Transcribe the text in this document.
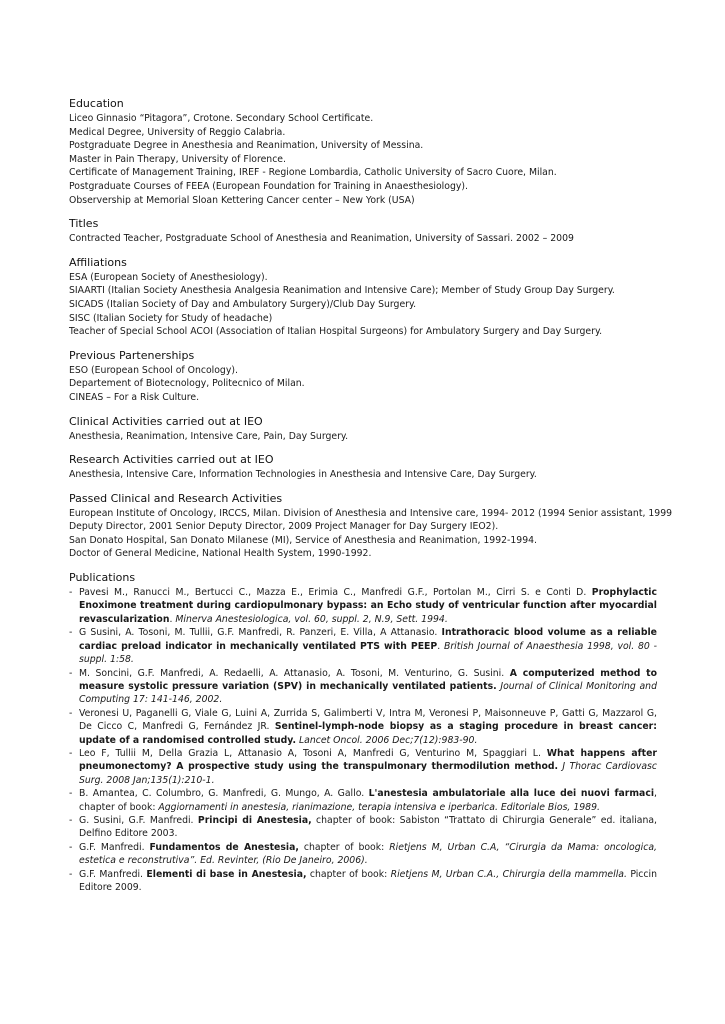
Education
Liceo Ginnasio “Pitagora”, Crotone. Secondary School Certificate.
Medical Degree, University of Reggio Calabria.
Postgraduate Degree in Anesthesia and Reanimation, University of Messina.
Master in Pain Therapy, University of Florence.
Certificate of Management Training, IREF - Regione Lombardia, Catholic University of Sacro Cuore, Milan.
Postgraduate Courses of FEEA (European Foundation for Training in Anaesthesiology).
Observership at Memorial Sloan Kettering Cancer center – New York (USA)
Titles
Contracted Teacher, Postgraduate School of Anesthesia and Reanimation, University of Sassari. 2002 – 2009
Affiliations
ESA (European Society of Anesthesiology).
SIAARTI (Italian Society Anesthesia Analgesia Reanimation and Intensive Care); Member of Study Group Day Surgery.
SICADS (Italian Society of Day and Ambulatory Surgery)/Club Day Surgery.
SISC (Italian Society for Study of headache)
Teacher of Special School ACOI (Association of Italian Hospital Surgeons) for Ambulatory Surgery and Day Surgery.
Previous Partenerships
ESO (European School of Oncology).
Departement of Biotecnology, Politecnico of Milan.
CINEAS – For a Risk Culture.
Clinical Activities carried out at IEO
Anesthesia, Reanimation, Intensive Care, Pain, Day Surgery.
Research Activities carried out at IEO
Anesthesia, Intensive Care, Information Technologies in Anesthesia and Intensive Care, Day Surgery.
Passed Clinical and Research Activities
European Institute of Oncology, IRCCS, Milan. Division of Anesthesia and Intensive care, 1994- 2012 (1994 Senior assistant, 1999
Deputy Director, 2001 Senior Deputy Director, 2009 Project Manager for Day Surgery IEO2).
San Donato Hospital, San Donato Milanese (MI), Service of Anesthesia and Reanimation, 1992-1994.
Doctor of General Medicine, National Health System, 1990-1992.
Publications
- Pavesi M., Ranucci M., Bertucci C., Mazza E., Erimia C., Manfredi G.F., Portolan M., Cirri S. e Conti D. Prophylactic Enoximone treatment during cardiopulmonary bypass: an Echo study of ventricular function after myocardial revascularization. Minerva Anestesiologica, vol. 60, suppl. 2, N.9, Sett. 1994.
- G Susini, A. Tosoni, M. Tullii, G.F. Manfredi, R. Panzeri, E. Villa, A Attanasio. Intrathoracic blood volume as a reliable cardiac preload indicator in mechanically ventilated PTS with PEEP. British Journal of Anaesthesia 1998, vol. 80 - suppl. 1:58.
- M. Soncini, G.F. Manfredi, A. Redaelli, A. Attanasio, A. Tosoni, M. Venturino, G. Susini. A computerized method to measure systolic pressure variation (SPV) in mechanically ventilated patients. Journal of Clinical Monitoring and Computing 17: 141-146, 2002.
- Veronesi U, Paganelli G, Viale G, Luini A, Zurrida S, Galimberti V, Intra M, Veronesi P, Maisonneuve P, Gatti G, Mazzarol G, De Cicco C, Manfredi G, Fernández JR. Sentinel-lymph-node biopsy as a staging procedure in breast cancer: update of a randomised controlled study. Lancet Oncol. 2006 Dec;7(12):983-90.
- Leo F, Tullii M, Della Grazia L, Attanasio A, Tosoni A, Manfredi G, Venturino M, Spaggiari L. What happens after pneumonectomy? A prospective study using the transpulmonary thermodilution method. J Thorac Cardiovasc Surg. 2008 Jan;135(1):210-1.
- B. Amantea, C. Columbro, G. Manfredi, G. Mungo, A. Gallo. L'anestesia ambulatoriale alla luce dei nuovi farmaci, chapter of book: Aggiornamenti in anestesia, rianimazione, terapia intensiva e iperbarica. Editoriale Bios, 1989.
- G. Susini, G.F. Manfredi. Principi di Anestesia, chapter of book: Sabiston “Trattato di Chirurgia Generale” ed. italiana, Delfino Editore 2003.
- G.F. Manfredi. Fundamentos de Anestesia, chapter of book: Rietjens M, Urban C.A, “Cirurgia da Mama: oncologica, estetica e reconstrutiva”. Ed. Revinter, (Rio De Janeiro, 2006).
- G.F. Manfredi. Elementi di base in Anestesia, chapter of book: Rietjens M, Urban C.A., Chirurgia della mammella. Piccin Editore 2009.
